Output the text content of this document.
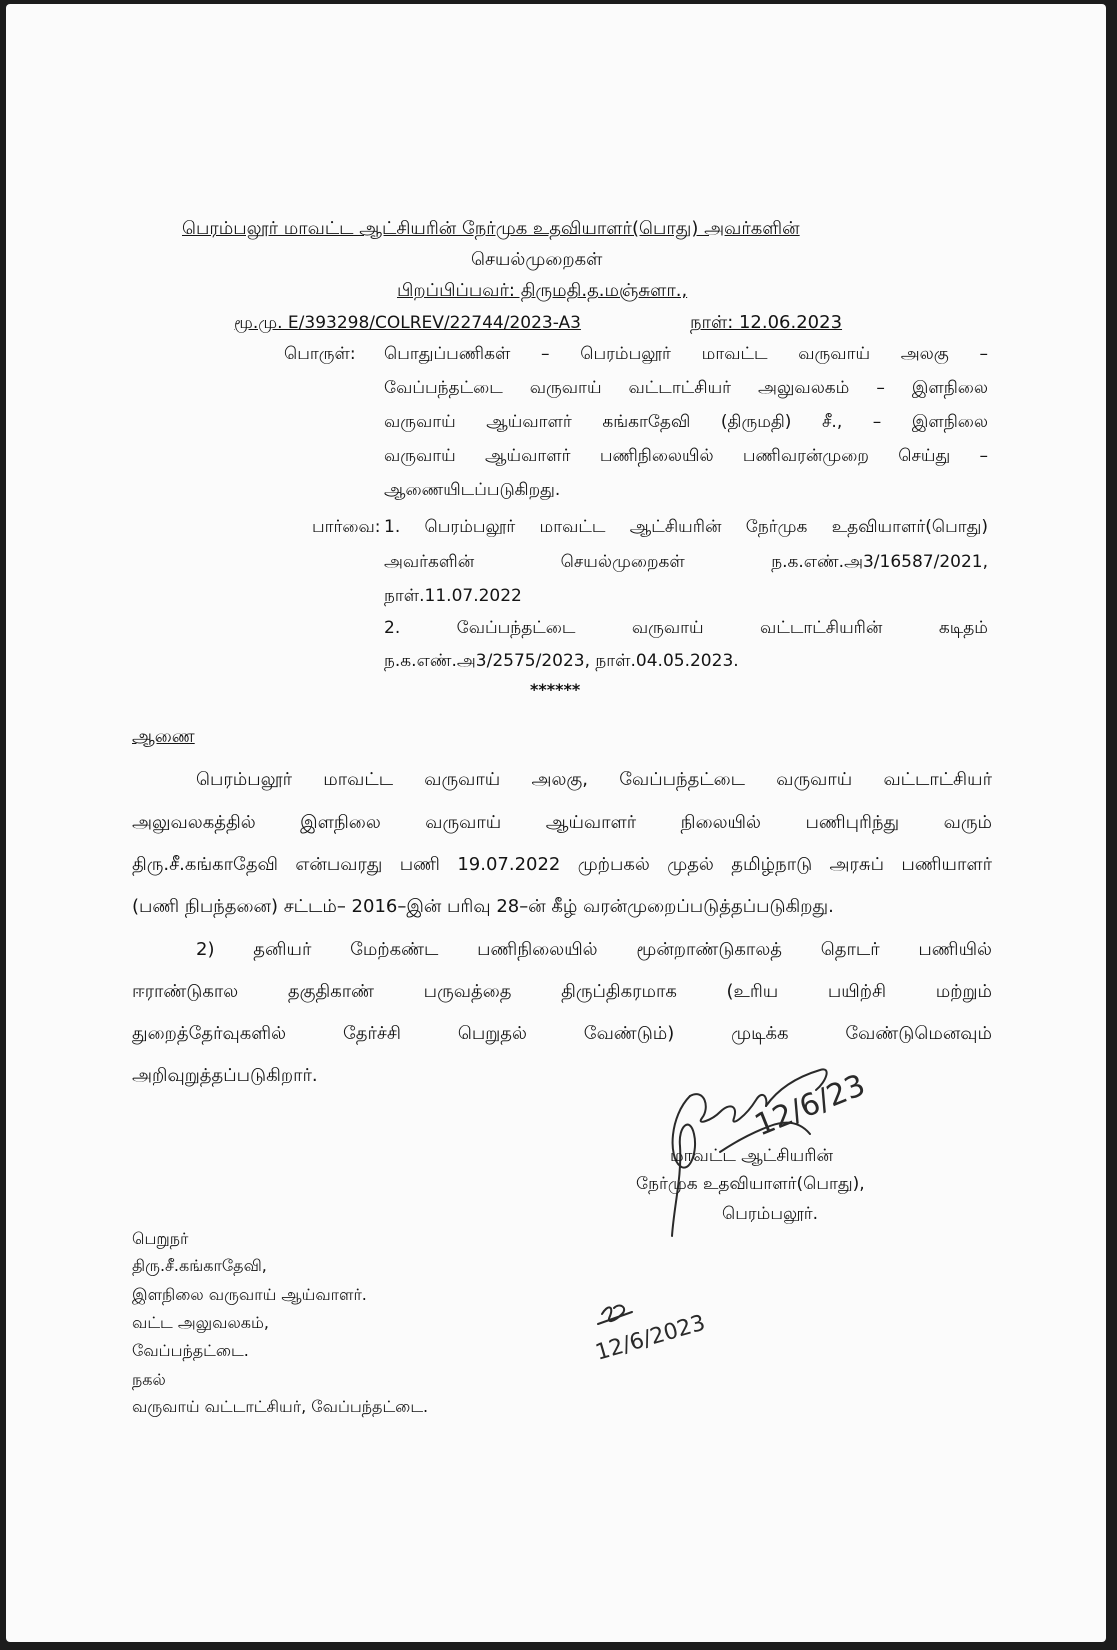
பெரம்பலூர் மாவட்ட ஆட்சியரின் நேர்முக உதவியாளர்(பொது) அவர்களின்
செயல்முறைகள்
பிறப்பிப்பவர்: திருமதி.த.மஞ்சுளா.,
மூ.மு. E/393298/COLREV/22744/2023-A3	நாள்: 12.06.2023
பொருள்: பொதுப்பணிகள் – பெரம்பலூர் மாவட்ட வருவாய் அலகு –
வேப்பந்தட்டை வருவாய் வட்டாட்சியர் அலுவலகம் – இளநிலை
வருவாய் ஆய்வாளர் கங்காதேவி (திருமதி) சீ., – இளநிலை
வருவாய் ஆய்வாளர் பணிநிலையில் பணிவரன்முறை செய்து –
ஆணையிடப்படுகிறது.
பார்வை: 1. பெரம்பலூர் மாவட்ட ஆட்சியரின் நேர்முக உதவியாளர்(பொது)
அவர்களின் செயல்முறைகள் ந.க.எண்.அ3/16587/2021,
நாள்.11.07.2022
2. வேப்பந்தட்டை வருவாய் வட்டாட்சியரின் கடிதம்
ந.க.எண்.அ3/2575/2023, நாள்.04.05.2023.
******
ஆணை
பெரம்பலூர் மாவட்ட வருவாய் அலகு, வேப்பந்தட்டை வருவாய் வட்டாட்சியர்
அலுவலகத்தில் இளநிலை வருவாய் ஆய்வாளர் நிலையில் பணிபுரிந்து வரும்
திரு.சீ.கங்காதேவி என்பவரது பணி 19.07.2022 முற்பகல் முதல் தமிழ்நாடு அரசுப் பணியாளர்
(பணி நிபந்தனை) சட்டம்– 2016–இன் பரிவு 28–ன் கீழ் வரன்முறைப்படுத்தப்படுகிறது.
2) தனியர் மேற்கண்ட பணிநிலையில் மூன்றாண்டுகாலத் தொடர் பணியில்
ஈராண்டுகால தகுதிகாண் பருவத்தை திருப்திகரமாக (உரிய பயிற்சி மற்றும்
துறைத்தேர்வுகளில் தேர்ச்சி பெறுதல் வேண்டும்) முடிக்க வேண்டுமெனவும்
அறிவுறுத்தப்படுகிறார்.	12/6/23
மாவட்ட ஆட்சியரின்
நேர்முக உதவியாளர்(பொது),
பெரம்பலூர்.
பெறுநர்
திரு.சீ.கங்காதேவி,
இளநிலை வருவாய் ஆய்வாளர்.
வட்ட அலுவலகம்,
வேப்பந்தட்டை.
நகல்
வருவாய் வட்டாட்சியர், வேப்பந்தட்டை.
12/6/2023
